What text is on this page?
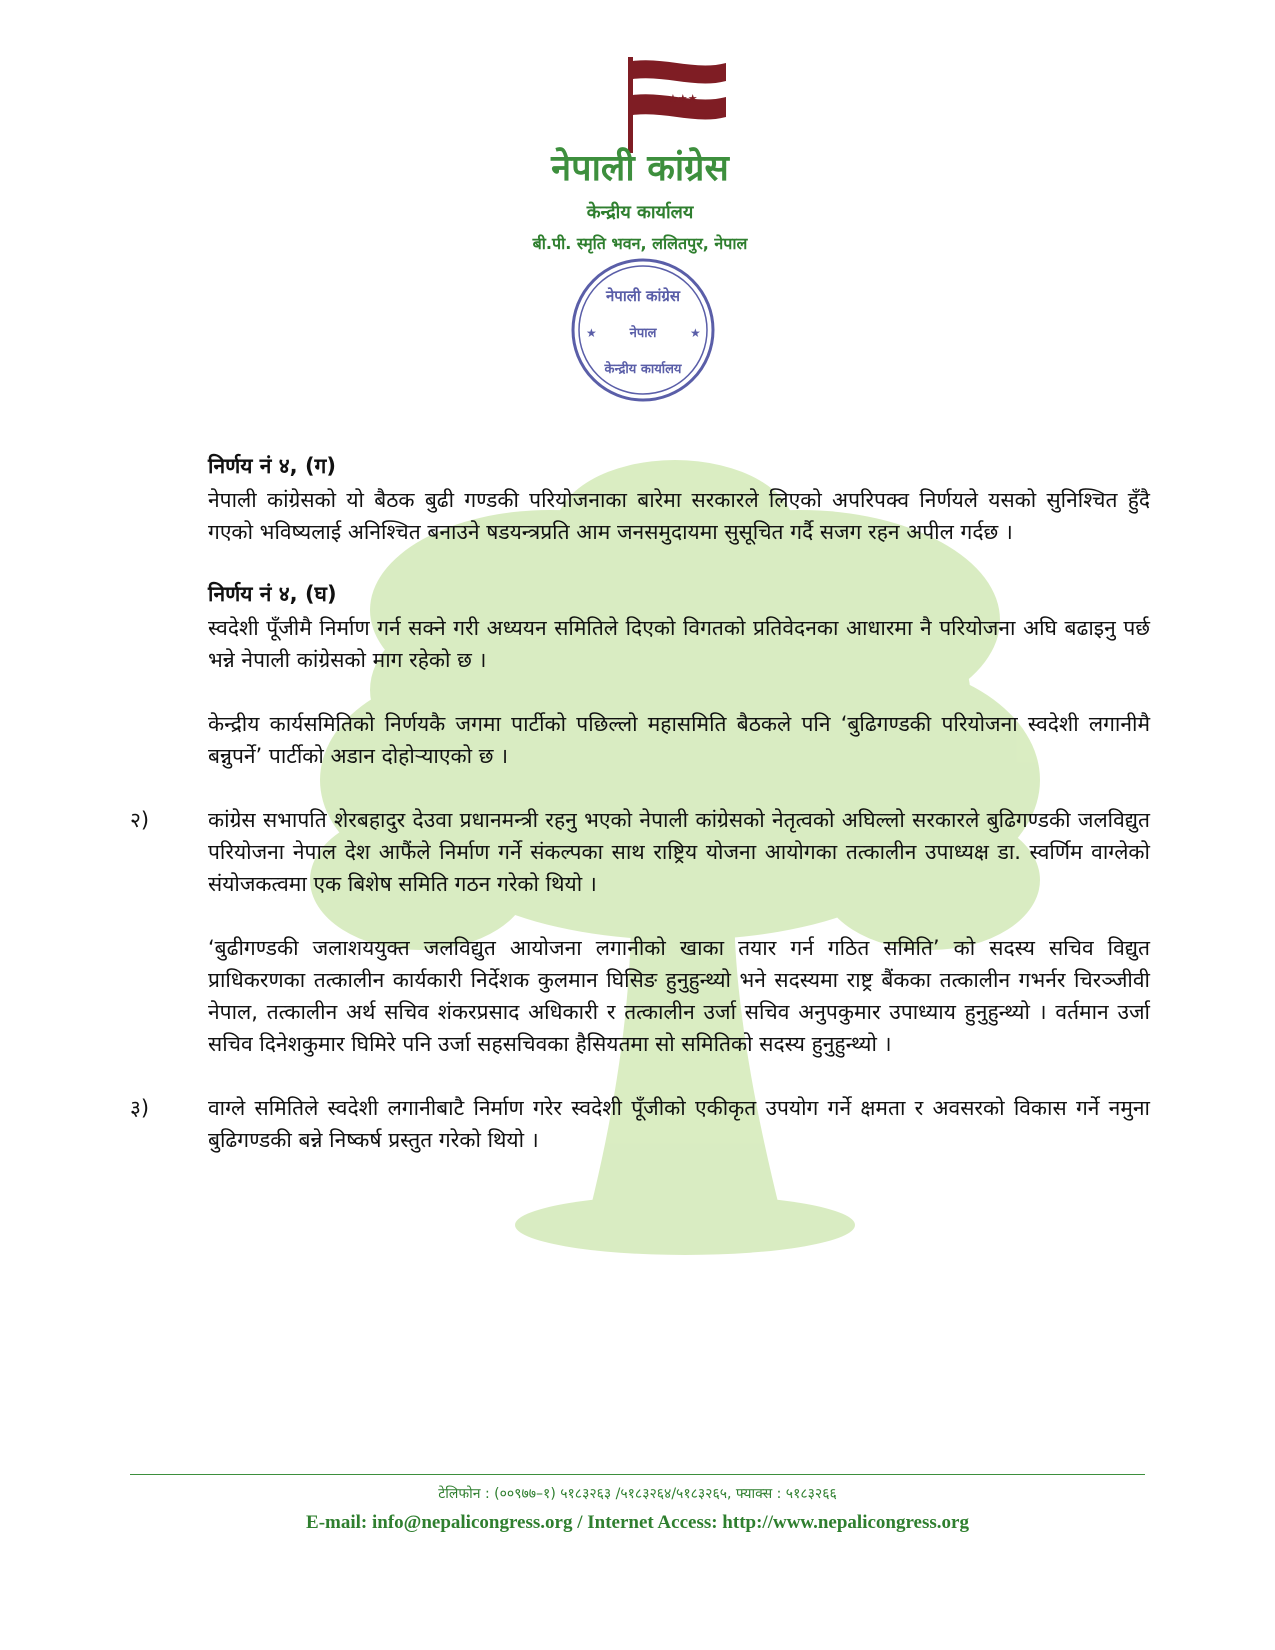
★★★
नेपाली कांग्रेस
केन्द्रीय कार्यालय
बी.पी. स्मृति भवन, ललितपुर, नेपाल
नेपाली कांग्रेस
नेपाल
केन्द्रीय कार्यालय
★	★
निर्णय नं ४, (ग)

नेपाली कांग्रेसको यो बैठक बुढी गण्डकी परियोजनाका बारेमा सरकारले लिएको अपरिपक्व निर्णयले यसको सुनिश्चित हुँदै गएको भविष्यलाई अनिश्चित बनाउने षडयन्त्रप्रति आम जनसमुदायमा सुसूचित गर्दै सजग रहन अपील गर्दछ ।

निर्णय नं ४, (घ)

स्वदेशी पूँजीमै निर्माण गर्न सक्ने गरी अध्ययन समितिले दिएको विगतको प्रतिवेदनका आधारमा नै परियोजना अघि बढाइनु पर्छ भन्ने नेपाली कांग्रेसको माग रहेको छ ।

केन्द्रीय कार्यसमितिको निर्णयकै जगमा पार्टीको पछिल्लो महासमिति बैठकले पनि ‘बुढिगण्डकी परियोजना स्वदेशी लगानीमै बन्नुपर्ने’ पार्टीको अडान दोहोऱ्याएको छ ।

२)	कांग्रेस सभापति शेरबहादुर देउवा प्रधानमन्त्री रहनु भएको नेपाली कांग्रेसको नेतृत्वको अघिल्लो सरकारले बुढिगण्डकी जलविद्युत परियोजना नेपाल देश आफैंले निर्माण गर्ने संकल्पका साथ राष्ट्रिय योजना आयोगका तत्कालीन उपाध्यक्ष डा. स्वर्णिम वाग्लेको संयोजकत्वमा एक बिशेष समिति गठन गरेको थियो ।

‘बुढीगण्डकी जलाशययुक्त जलविद्युत आयोजना लगानीको खाका तयार गर्न गठित समिति’ को सदस्य सचिव विद्युत प्राधिकरणका तत्कालीन कार्यकारी निर्देशक कुलमान घिसिङ हुनुहुन्थ्यो भने सदस्यमा राष्ट्र बैंकका तत्कालीन गभर्नर चिरञ्जीवी नेपाल, तत्कालीन अर्थ सचिव शंकरप्रसाद अधिकारी र तत्कालीन उर्जा सचिव अनुपकुमार उपाध्याय हुनुहुन्थ्यो । वर्तमान उर्जा सचिव दिनेशकुमार घिमिरे पनि उर्जा सहसचिवका हैसियतमा सो समितिको सदस्य हुनुहुन्थ्यो ।

३)	वाग्ले समितिले स्वदेशी लगानीबाटै निर्माण गरेर स्वदेशी पूँजीको एकीकृत उपयोग गर्ने क्षमता र अवसरको विकास गर्ने नमुना बुढिगण्डकी बन्ने निष्कर्ष प्रस्तुत गरेको थियो ।

टेलिफोन : (००९७७–१) ५१८३२६३ /५१८३२६४/५१८३२६५, फ्याक्स : ५१८३२६६
E-mail: info@nepalicongress.org / Internet Access: http://www.nepalicongress.org
